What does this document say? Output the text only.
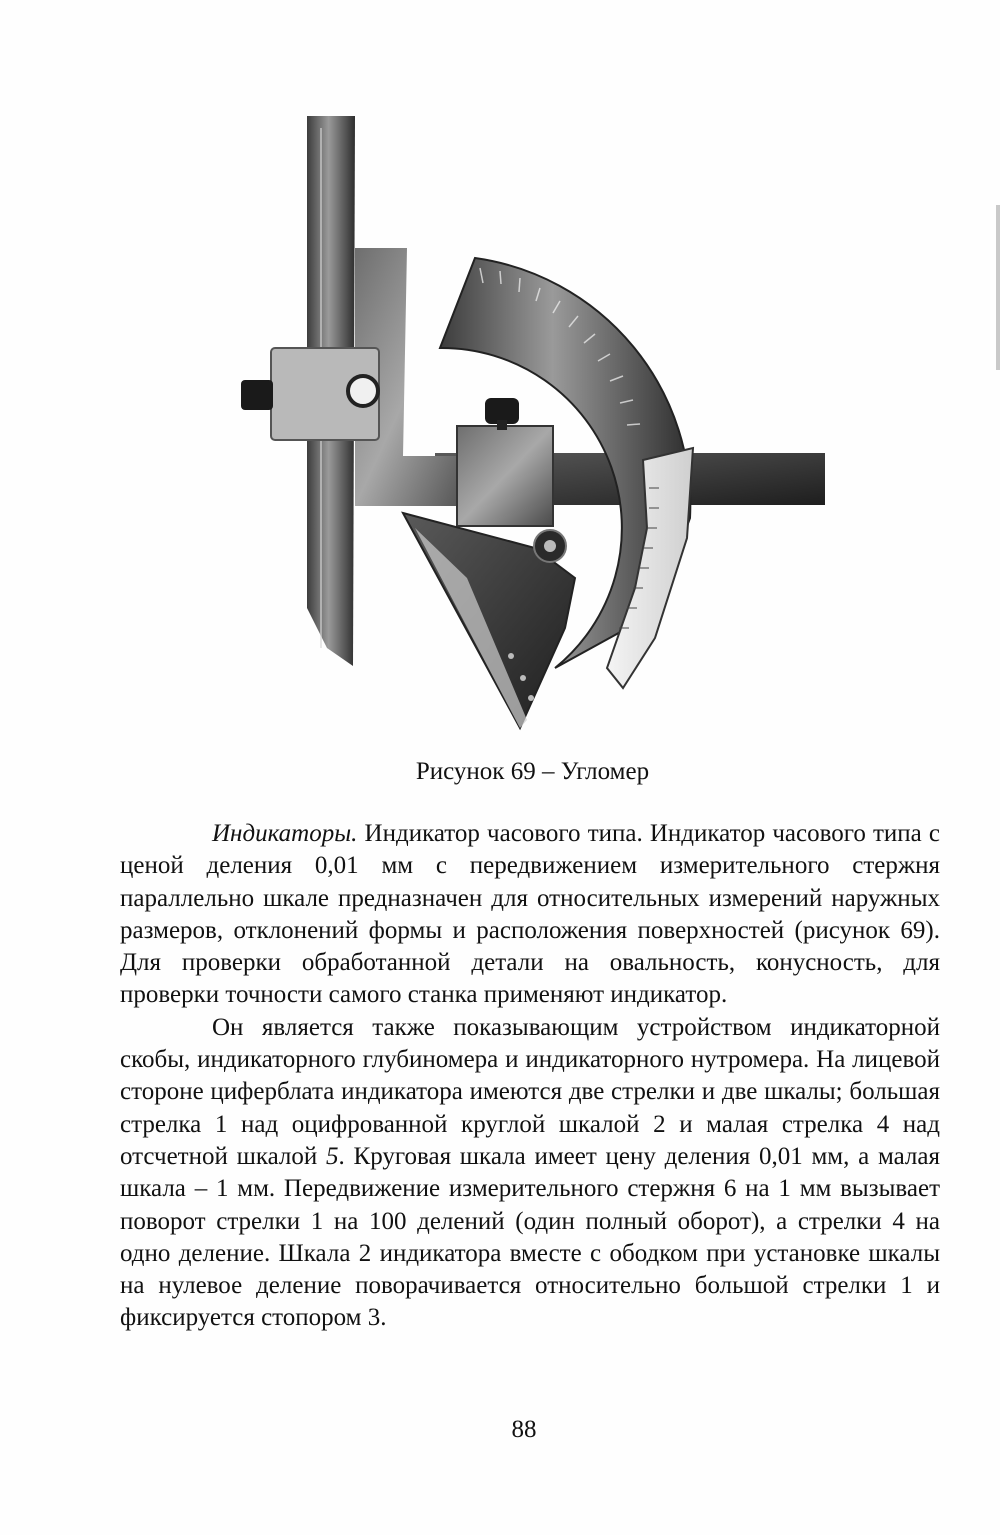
Рисунок 69 – Угломер

Индикаторы. Индикатор часового типа. Индикатор часового типа с ценой деления 0,01 мм с передвижением измерительного стержня параллельно шкале предназначен для относительных измерений наружных размеров, отклонений формы и расположения поверхностей (рисунок 69). Для проверки обработанной детали на овальность, конусность, для проверки точности самого станка применяют индикатор.

Он является также показывающим устройством индикаторной скобы, индикаторного глубиномера и индикаторного нутромера. На лицевой стороне циферблата индикатора имеются две стрелки и две шкалы; большая стрелка 1 над оцифрованной круглой шкалой 2 и малая стрелка 4 над отсчетной шкалой 5. Круговая шкала имеет цену деления 0,01 мм, а малая шкала – 1 мм. Передвижение измерительного стержня 6 на 1 мм вызывает поворот стрелки 1 на 100 делений (один полный оборот), а стрелки 4 на одно деление. Шкала 2 индикатора вместе с ободком при установке шкалы на нулевое деление поворачивается относительно большой стрелки 1 и фиксируется стопором 3.

88
